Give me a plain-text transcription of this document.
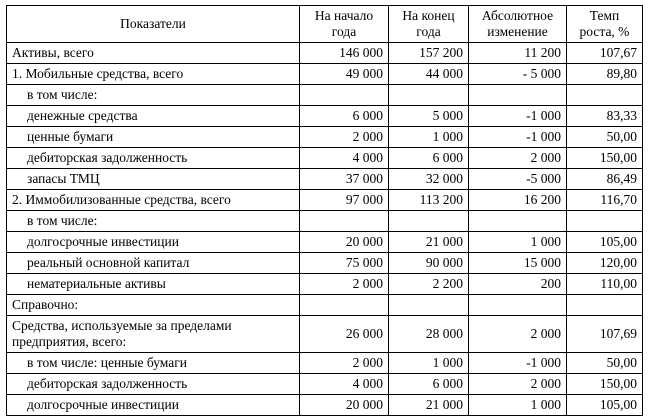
Показатели	На начало года	На конец года	Абсолютное изменение	Темп роста, %
Активы, всего	146 000	157 200	11 200	107,67
1. Мобильные средства, всего	49 000	44 000	- 5 000	89,80
в том числе:				
денежные средства	6 000	5 000	-1 000	83,33
ценные бумаги	2 000	1 000	-1 000	50,00
дебиторская задолженность	4 000	6 000	2 000	150,00
запасы ТМЦ	37 000	32 000	-5 000	86,49
2. Иммобилизованные средства, всего	97 000	113 200	16 200	116,70
в том числе:				
долгосрочные инвестиции	20 000	21 000	1 000	105,00
реальный основной капитал	75 000	90 000	15 000	120,00
нематериальные активы	2 000	2 200	200	110,00
Справочно:				
Средства, используемые за пределами предприятия, всего:	26 000	28 000	2 000	107,69
в том числе: ценные бумаги	2 000	1 000	-1 000	50,00
дебиторская задолженность	4 000	6 000	2 000	150,00
долгосрочные инвестиции	20 000	21 000	1 000	105,00
